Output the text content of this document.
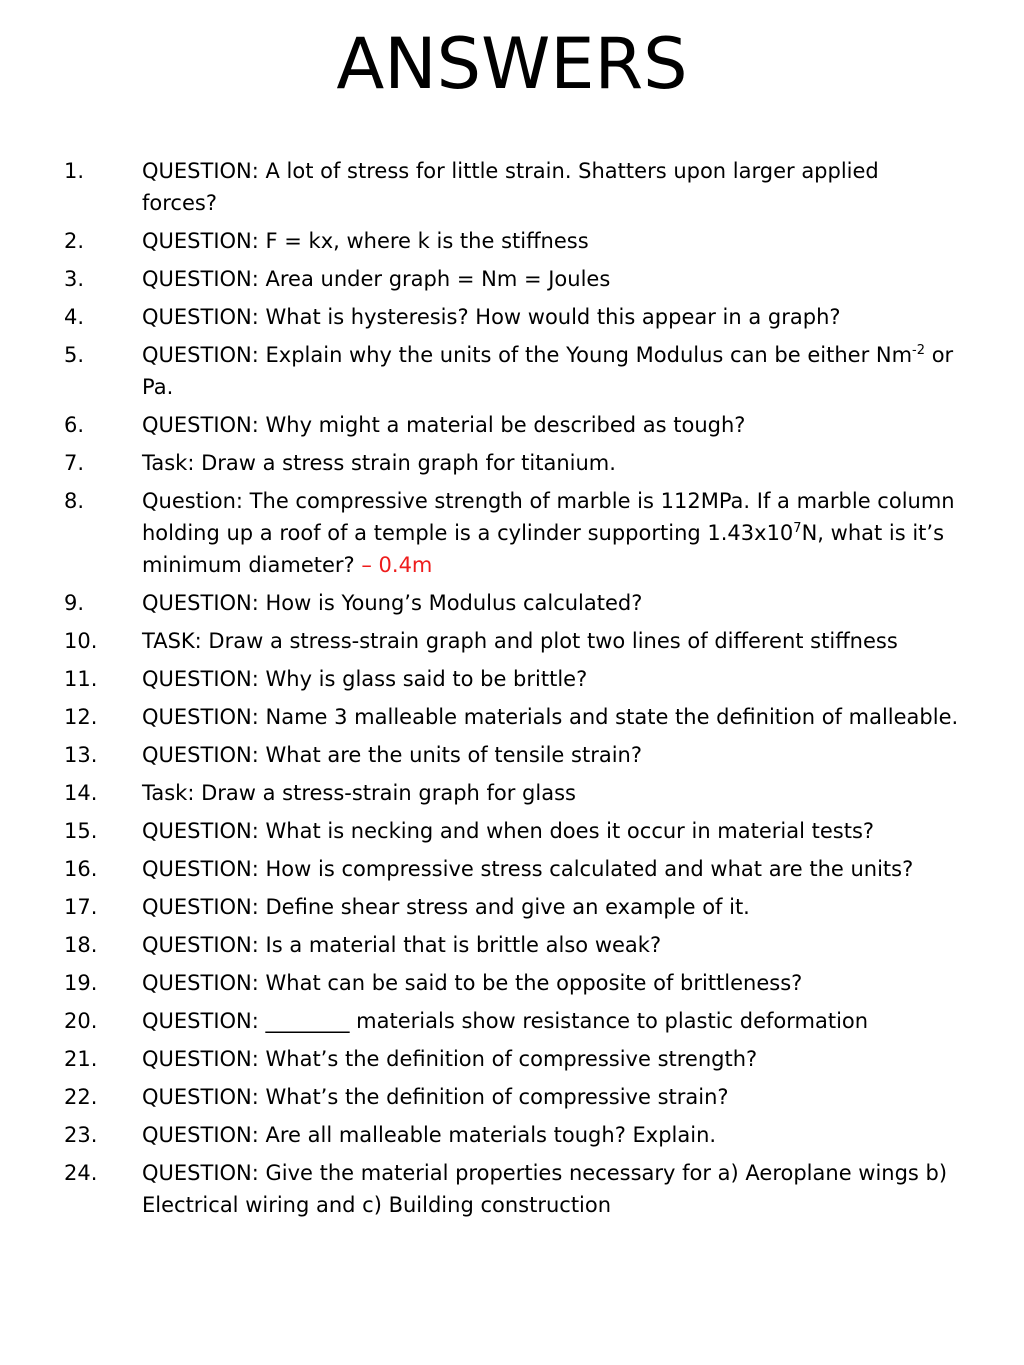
ANSWERS
1.	QUESTION: A lot of stress for little strain. Shatters upon larger applied forces?
2.	QUESTION: F = kx, where k is the stiffness
3.	QUESTION: Area under graph = Nm = Joules
4.	QUESTION: What is hysteresis? How would this appear in a graph?
5.	QUESTION: Explain why the units of the Young Modulus can be either $Nm^{-2}$ or Pa.
6.	QUESTION: Why might a material be described as tough?
7.	Task: Draw a stress strain graph for titanium.
8.	Question: The compressive strength of marble is 112MPa. If a marble column holding up a roof of a temple is a cylinder supporting $1.43x10^7N$, what is it’s minimum diameter? – 0.4m
9.	QUESTION: How is Young’s Modulus calculated?
10. TASK: Draw a stress-strain graph and plot two lines of different stiffness
11. QUESTION: Why is glass said to be brittle?
12. QUESTION: Name 3 malleable materials and state the definition of malleable.
13. QUESTION: What are the units of tensile strain?
14. Task: Draw a stress-strain graph for glass
15. QUESTION: What is necking and when does it occur in material tests?
16. QUESTION: How is compressive stress calculated and what are the units?
17. QUESTION: Define shear stress and give an example of it.
18. QUESTION: Is a material that is brittle also weak?
19. QUESTION: What can be said to be the opposite of brittleness?
20. QUESTION: ________ materials show resistance to plastic deformation
21. QUESTION: What’s the definition of compressive strength?
22. QUESTION: What’s the definition of compressive strain?
23. QUESTION: Are all malleable materials tough? Explain.
24. QUESTION: Give the material properties necessary for a) Aeroplane wings b) Electrical wiring and c) Building construction
